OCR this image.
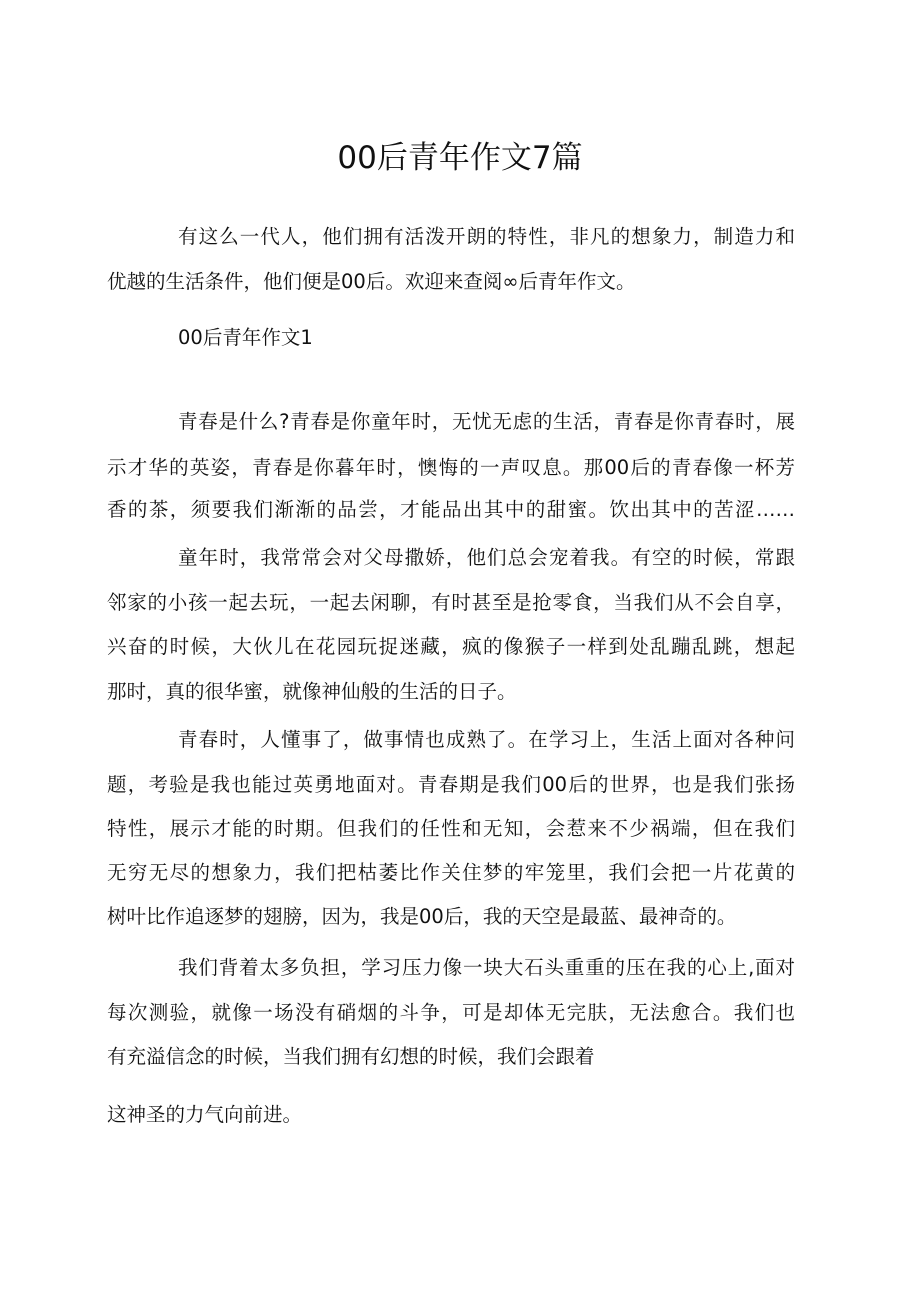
00后青年作文7篇
有这么一代人，他们拥有活泼开朗的特性，非凡的想象力，制造力和
优越的生活条件，他们便是00后。欢迎来查阅∞后青年作文。
00后青年作文1
青春是什么?青春是你童年时，无忧无虑的生活，青春是你青春时，展
示才华的英姿，青春是你暮年时，懊悔的一声叹息。那00后的青春像一杯芳
香的茶，须要我们渐渐的品尝，才能品出其中的甜蜜。饮出其中的苦涩……
童年时，我常常会对父母撒娇，他们总会宠着我。有空的时候，常跟
邻家的小孩一起去玩，一起去闲聊，有时甚至是抢零食，当我们从不会自享，
兴奋的时候，大伙儿在花园玩捉迷藏，疯的像猴子一样到处乱蹦乱跳，想起
那时，真的很华蜜，就像神仙般的生活的日子。
青春时，人懂事了，做事情也成熟了。在学习上，生活上面对各种问
题，考验是我也能过英勇地面对。青春期是我们00后的世界，也是我们张扬
特性，展示才能的时期。但我们的任性和无知，会惹来不少祸端，但在我们
无穷无尽的想象力，我们把枯萎比作关住梦的牢笼里，我们会把一片花黄的
树叶比作追逐梦的翅膀，因为，我是00后，我的天空是最蓝、最神奇的。
我们背着太多负担，学习压力像一块大石头重重的压在我的心上,面对
每次测验，就像一场没有硝烟的斗争，可是却体无完肤，无法愈合。我们也
有充溢信念的时候，当我们拥有幻想的时候，我们会跟着
这神圣的力气向前进。
